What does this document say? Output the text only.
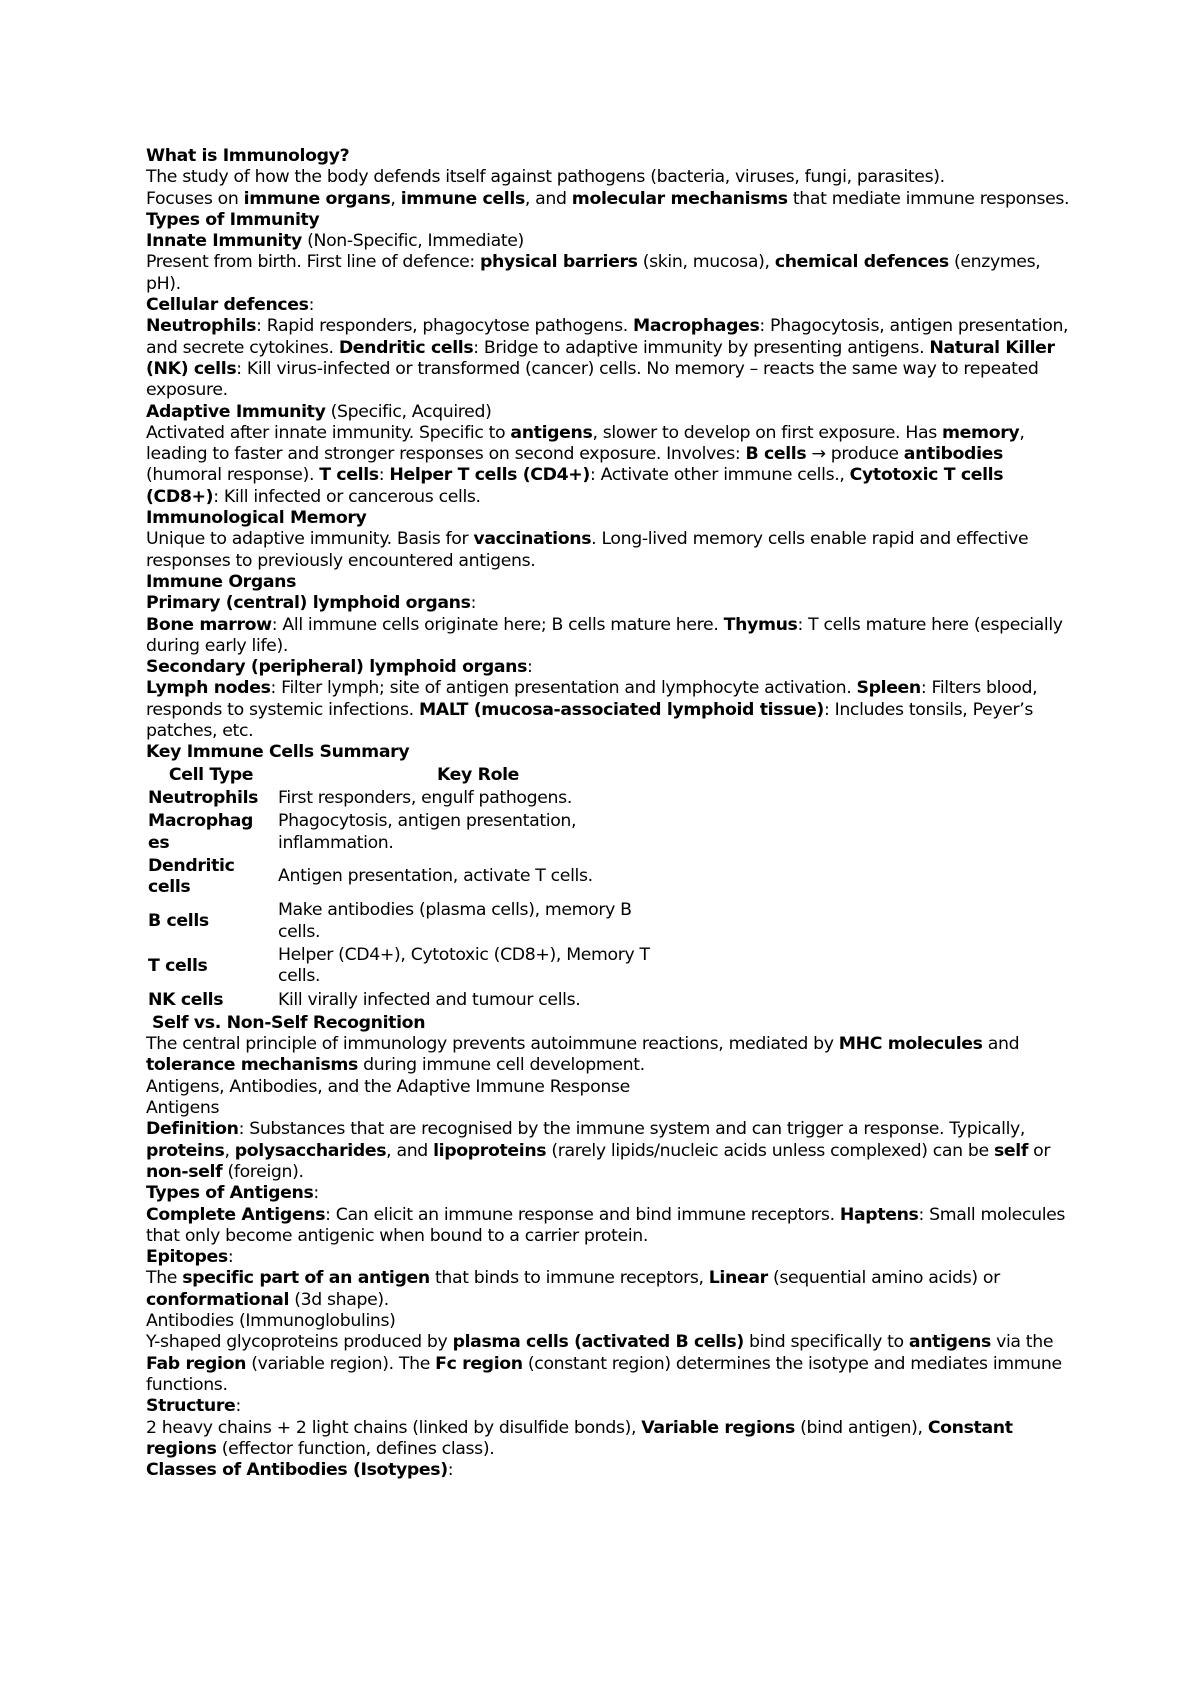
What is Immunology?

The study of how the body defends itself against pathogens (bacteria, viruses, fungi, parasites).

Focuses on immune organs, immune cells, and molecular mechanisms that mediate immune responses.

Types of Immunity

Innate Immunity (Non-Specific, Immediate)

Present from birth. First line of defence: physical barriers (skin, mucosa), chemical defences (enzymes, pH).

Cellular defences:

Neutrophils: Rapid responders, phagocytose pathogens. Macrophages: Phagocytosis, antigen presentation, and secrete cytokines. Dendritic cells: Bridge to adaptive immunity by presenting antigens. Natural Killer (NK) cells: Kill virus-infected or transformed (cancer) cells. No memory – reacts the same way to repeated exposure.

Adaptive Immunity (Specific, Acquired)

Activated after innate immunity. Specific to antigens, slower to develop on first exposure. Has memory, leading to faster and stronger responses on second exposure. Involves: B cells → produce antibodies (humoral response). T cells: Helper T cells (CD4+): Activate other immune cells., Cytotoxic T cells (CD8+): Kill infected or cancerous cells.

Immunological Memory

Unique to adaptive immunity. Basis for vaccinations. Long-lived memory cells enable rapid and effective responses to previously encountered antigens.

Immune Organs

Primary (central) lymphoid organs:

Bone marrow: All immune cells originate here; B cells mature here. Thymus: T cells mature here (especially during early life).

Secondary (peripheral) lymphoid organs:

Lymph nodes: Filter lymph; site of antigen presentation and lymphocyte activation. Spleen: Filters blood, responds to systemic infections. MALT (mucosa-associated lymphoid tissue): Includes tonsils, Peyer’s patches, etc.

Key Immune Cells Summary

Cell Type	Key Role
Neutrophils	First responders, engulf pathogens.
Macrophag es	Phagocytosis, antigen presentation, inflammation.
Dendritic cells	Antigen presentation, activate T cells.
B cells	Make antibodies (plasma cells), memory B cells.
T cells	Helper (CD4+), Cytotoxic (CD8+), Memory T cells.
NK cells	Kill virally infected and tumour cells.

Self vs. Non-Self Recognition

The central principle of immunology prevents autoimmune reactions, mediated by MHC molecules and tolerance mechanisms during immune cell development.

Antigens, Antibodies, and the Adaptive Immune Response

Antigens

Definition: Substances that are recognised by the immune system and can trigger a response. Typically, proteins, polysaccharides, and lipoproteins (rarely lipids/nucleic acids unless complexed) can be self or non-self (foreign).

Types of Antigens:

Complete Antigens: Can elicit an immune response and bind immune receptors. Haptens: Small molecules that only become antigenic when bound to a carrier protein.

Epitopes:

The specific part of an antigen that binds to immune receptors, Linear (sequential amino acids) or conformational (3d shape).

Antibodies (Immunoglobulins)

Y-shaped glycoproteins produced by plasma cells (activated B cells) bind specifically to antigens via the Fab region (variable region). The Fc region (constant region) determines the isotype and mediates immune functions.

Structure:

2 heavy chains + 2 light chains (linked by disulfide bonds), Variable regions (bind antigen), Constant regions (effector function, defines class).

Classes of Antibodies (Isotypes):
